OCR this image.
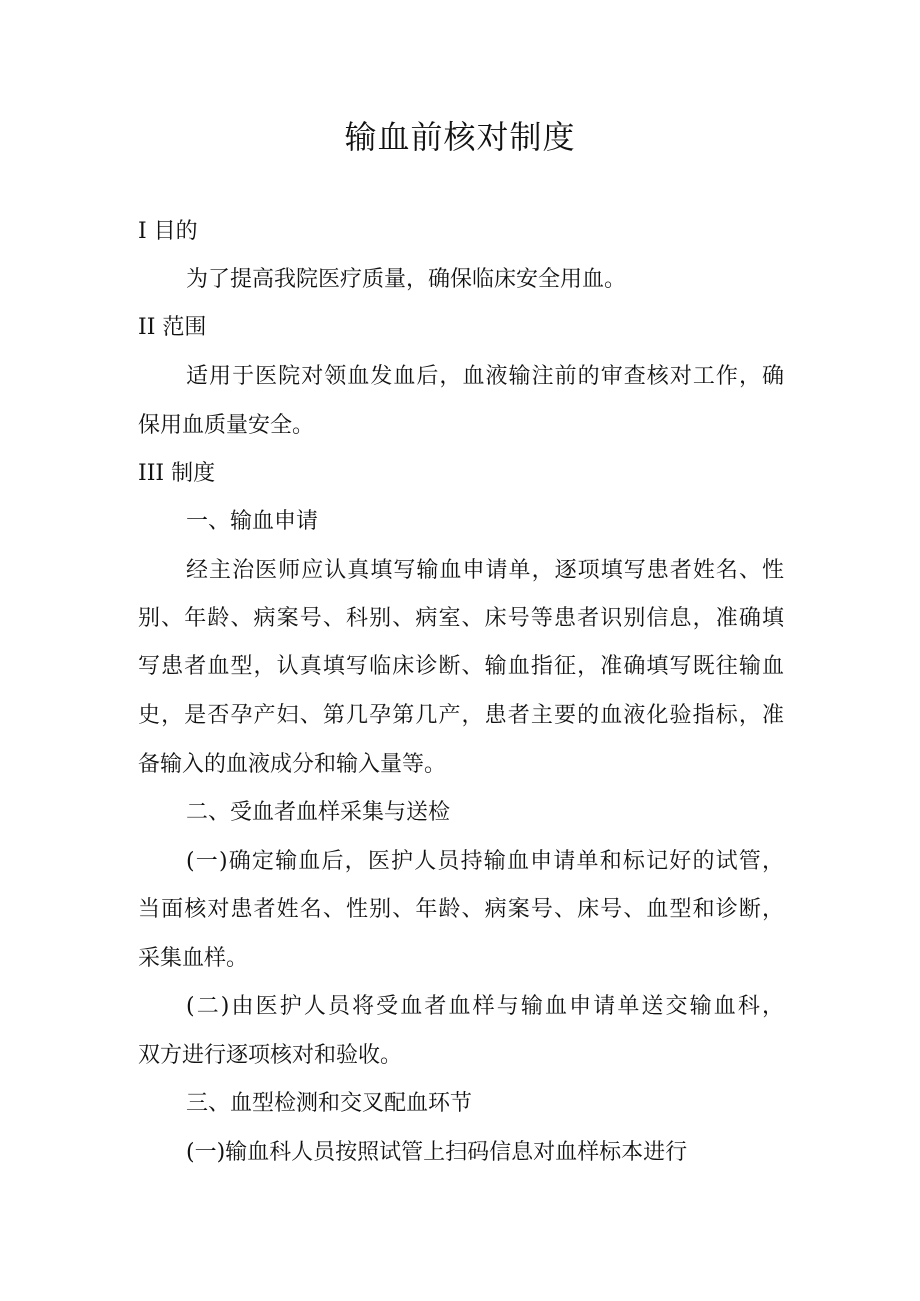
输血前核对制度
I 目的
为了提高我院医疗质量，确保临床安全用血。
II 范围
适用于医院对领血发血后，血液输注前的审查核对工作，确
保用血质量安全。
III 制度
一、输血申请
经主治医师应认真填写输血申请单，逐项填写患者姓名、性
别、年龄、病案号、科别、病室、床号等患者识别信息，准确填
写患者血型，认真填写临床诊断、输血指征，准确填写既往输血
史，是否孕产妇、第几孕第几产，患者主要的血液化验指标，准
备输入的血液成分和输入量等。
二、受血者血样采集与送检
(一)确定输血后，医护人员持输血申请单和标记好的试管，
当面核对患者姓名、性别、年龄、病案号、床号、血型和诊断，
采集血样。
(二)由医护人员将受血者血样与输血申请单送交输血科，
双方进行逐项核对和验收。
三、血型检测和交叉配血环节
(一)输血科人员按照试管上扫码信息对血样标本进行
